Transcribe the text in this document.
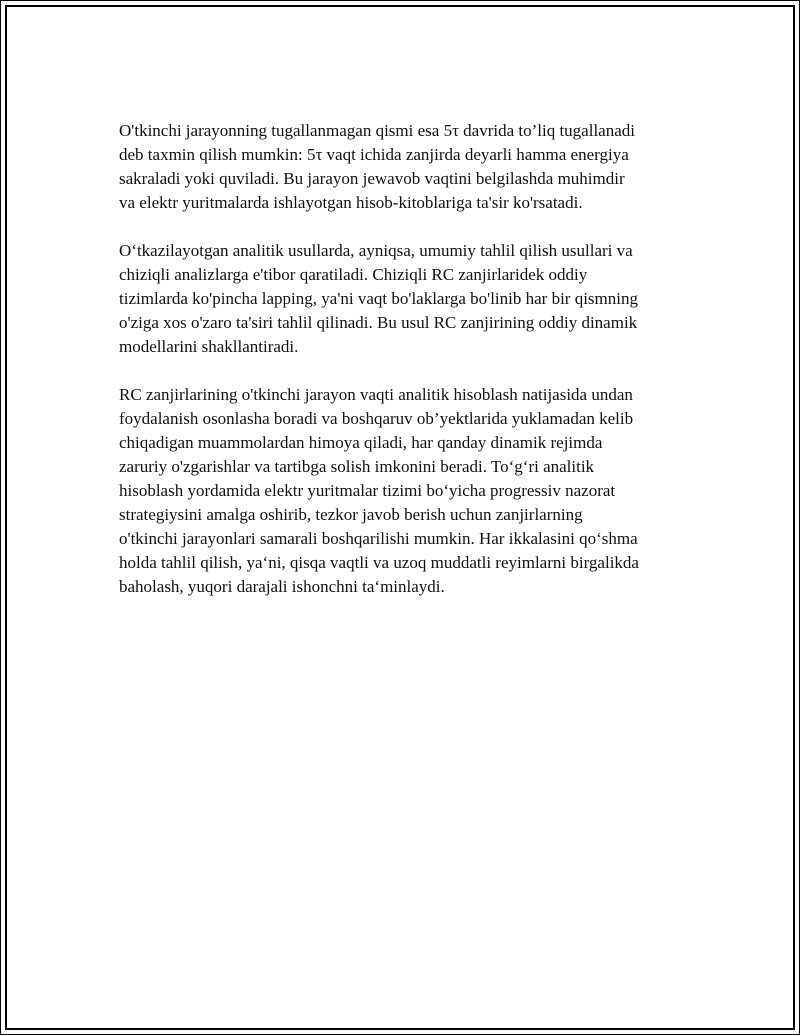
O'tkinchi jarayonning tugallanmagan qismi esa 5τ davrida to’liq tugallanadi
deb taxmin qilish mumkin: 5τ vaqt ichida zanjirda deyarli hamma energiya
sakraladi yoki quviladi. Bu jarayon jewavob vaqtini belgilashda muhimdir
va elektr yuritmalarda ishlayotgan hisob-kitoblariga ta'sir ko'rsatadi.

O‘tkazilayotgan analitik usullarda, ayniqsa, umumiy tahlil qilish usullari va
chiziqli analizlarga e'tibor qaratiladi. Chiziqli RC zanjirlaridek oddiy
tizimlarda ko'pincha lapping, ya'ni vaqt bo'laklarga bo'linib har bir qismning
o'ziga xos o'zaro ta'siri tahlil qilinadi. Bu usul RC zanjirining oddiy dinamik
modellarini shakllantiradi.

RC zanjirlarining o'tkinchi jarayon vaqti analitik hisoblash natijasida undan
foydalanish osonlasha boradi va boshqaruv ob’yektlarida yuklamadan kelib
chiqadigan muammolardan himoya qiladi, har qanday dinamik rejimda
zaruriy o'zgarishlar va tartibga solish imkonini beradi. To‘g‘ri analitik
hisoblash yordamida elektr yuritmalar tizimi bo‘yicha progressiv nazorat
strategiysini amalga oshirib, tezkor javob berish uchun zanjirlarning
o'tkinchi jarayonlari samarali boshqarilishi mumkin. Har ikkalasini qo‘shma
holda tahlil qilish, ya‘ni, qisqa vaqtli va uzoq muddatli reyimlarni birgalikda
baholash, yuqori darajali ishonchni ta‘minlaydi.
